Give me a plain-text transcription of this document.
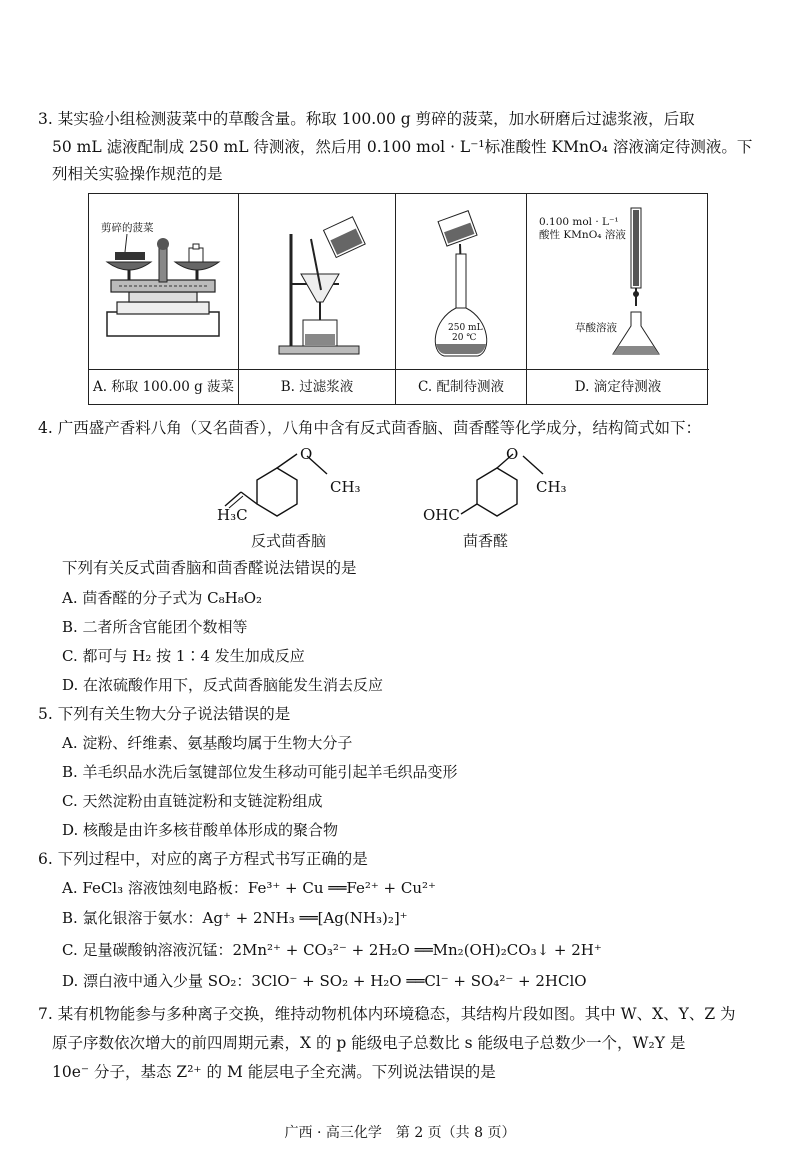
3. 某实验小组检测菠菜中的草酸含量。称取 100.00 g 剪碎的菠菜，加水研磨后过滤浆液，后取
50 mL 滤液配制成 250 mL 待测液，然后用 0.100 mol · L⁻¹标准酸性 KMnO₄ 溶液滴定待测液。下
列相关实验操作规范的是
剪碎的菠菜
A. 称取 100.00 g 菠菜	B. 过滤浆液
250 mL
20 ℃
C. 配制待测液
0.100 mol · L⁻¹
酸性 KMnO₄ 溶液
草酸溶液
D. 滴定待测液
4. 广西盛产香料八角（又名茴香），八角中含有反式茴香脑、茴香醛等化学成分，结构简式如下：
O
CH₃
H₃C
反式茴香脑
O
CH₃
OHC
茴香醛
下列有关反式茴香脑和茴香醛说法错误的是
A. 茴香醛的分子式为 C₈H₈O₂
B. 二者所含官能团个数相等
C. 都可与 H₂ 按 1∶4 发生加成反应
D. 在浓硫酸作用下，反式茴香脑能发生消去反应
5. 下列有关生物大分子说法错误的是
A. 淀粉、纤维素、氨基酸均属于生物大分子
B. 羊毛织品水洗后氢键部位发生移动可能引起羊毛织品变形
C. 天然淀粉由直链淀粉和支链淀粉组成
D. 核酸是由许多核苷酸单体形成的聚合物
6. 下列过程中，对应的离子方程式书写正确的是
A. FeCl₃ 溶液蚀刻电路板：Fe³⁺ + Cu ══Fe²⁺ + Cu²⁺
B. 氯化银溶于氨水：Ag⁺ + 2NH₃ ══[Ag(NH₃)₂]⁺
C. 足量碳酸钠溶液沉锰：2Mn²⁺ + CO₃²⁻ + 2H₂O ══Mn₂(OH)₂CO₃↓ + 2H⁺
D. 漂白液中通入少量 SO₂：3ClO⁻ + SO₂ + H₂O ══Cl⁻ + SO₄²⁻ + 2HClO
7. 某有机物能参与多种离子交换，维持动物机体内环境稳态，其结构片段如图。其中 W、X、Y、Z 为
原子序数依次增大的前四周期元素，X 的 p 能级电子总数比 s 能级电子总数少一个，W₂Y 是
10e⁻ 分子，基态 Z²⁺ 的 M 能层电子全充满。下列说法错误的是
广西 · 高三化学　第 2 页（共 8 页）
